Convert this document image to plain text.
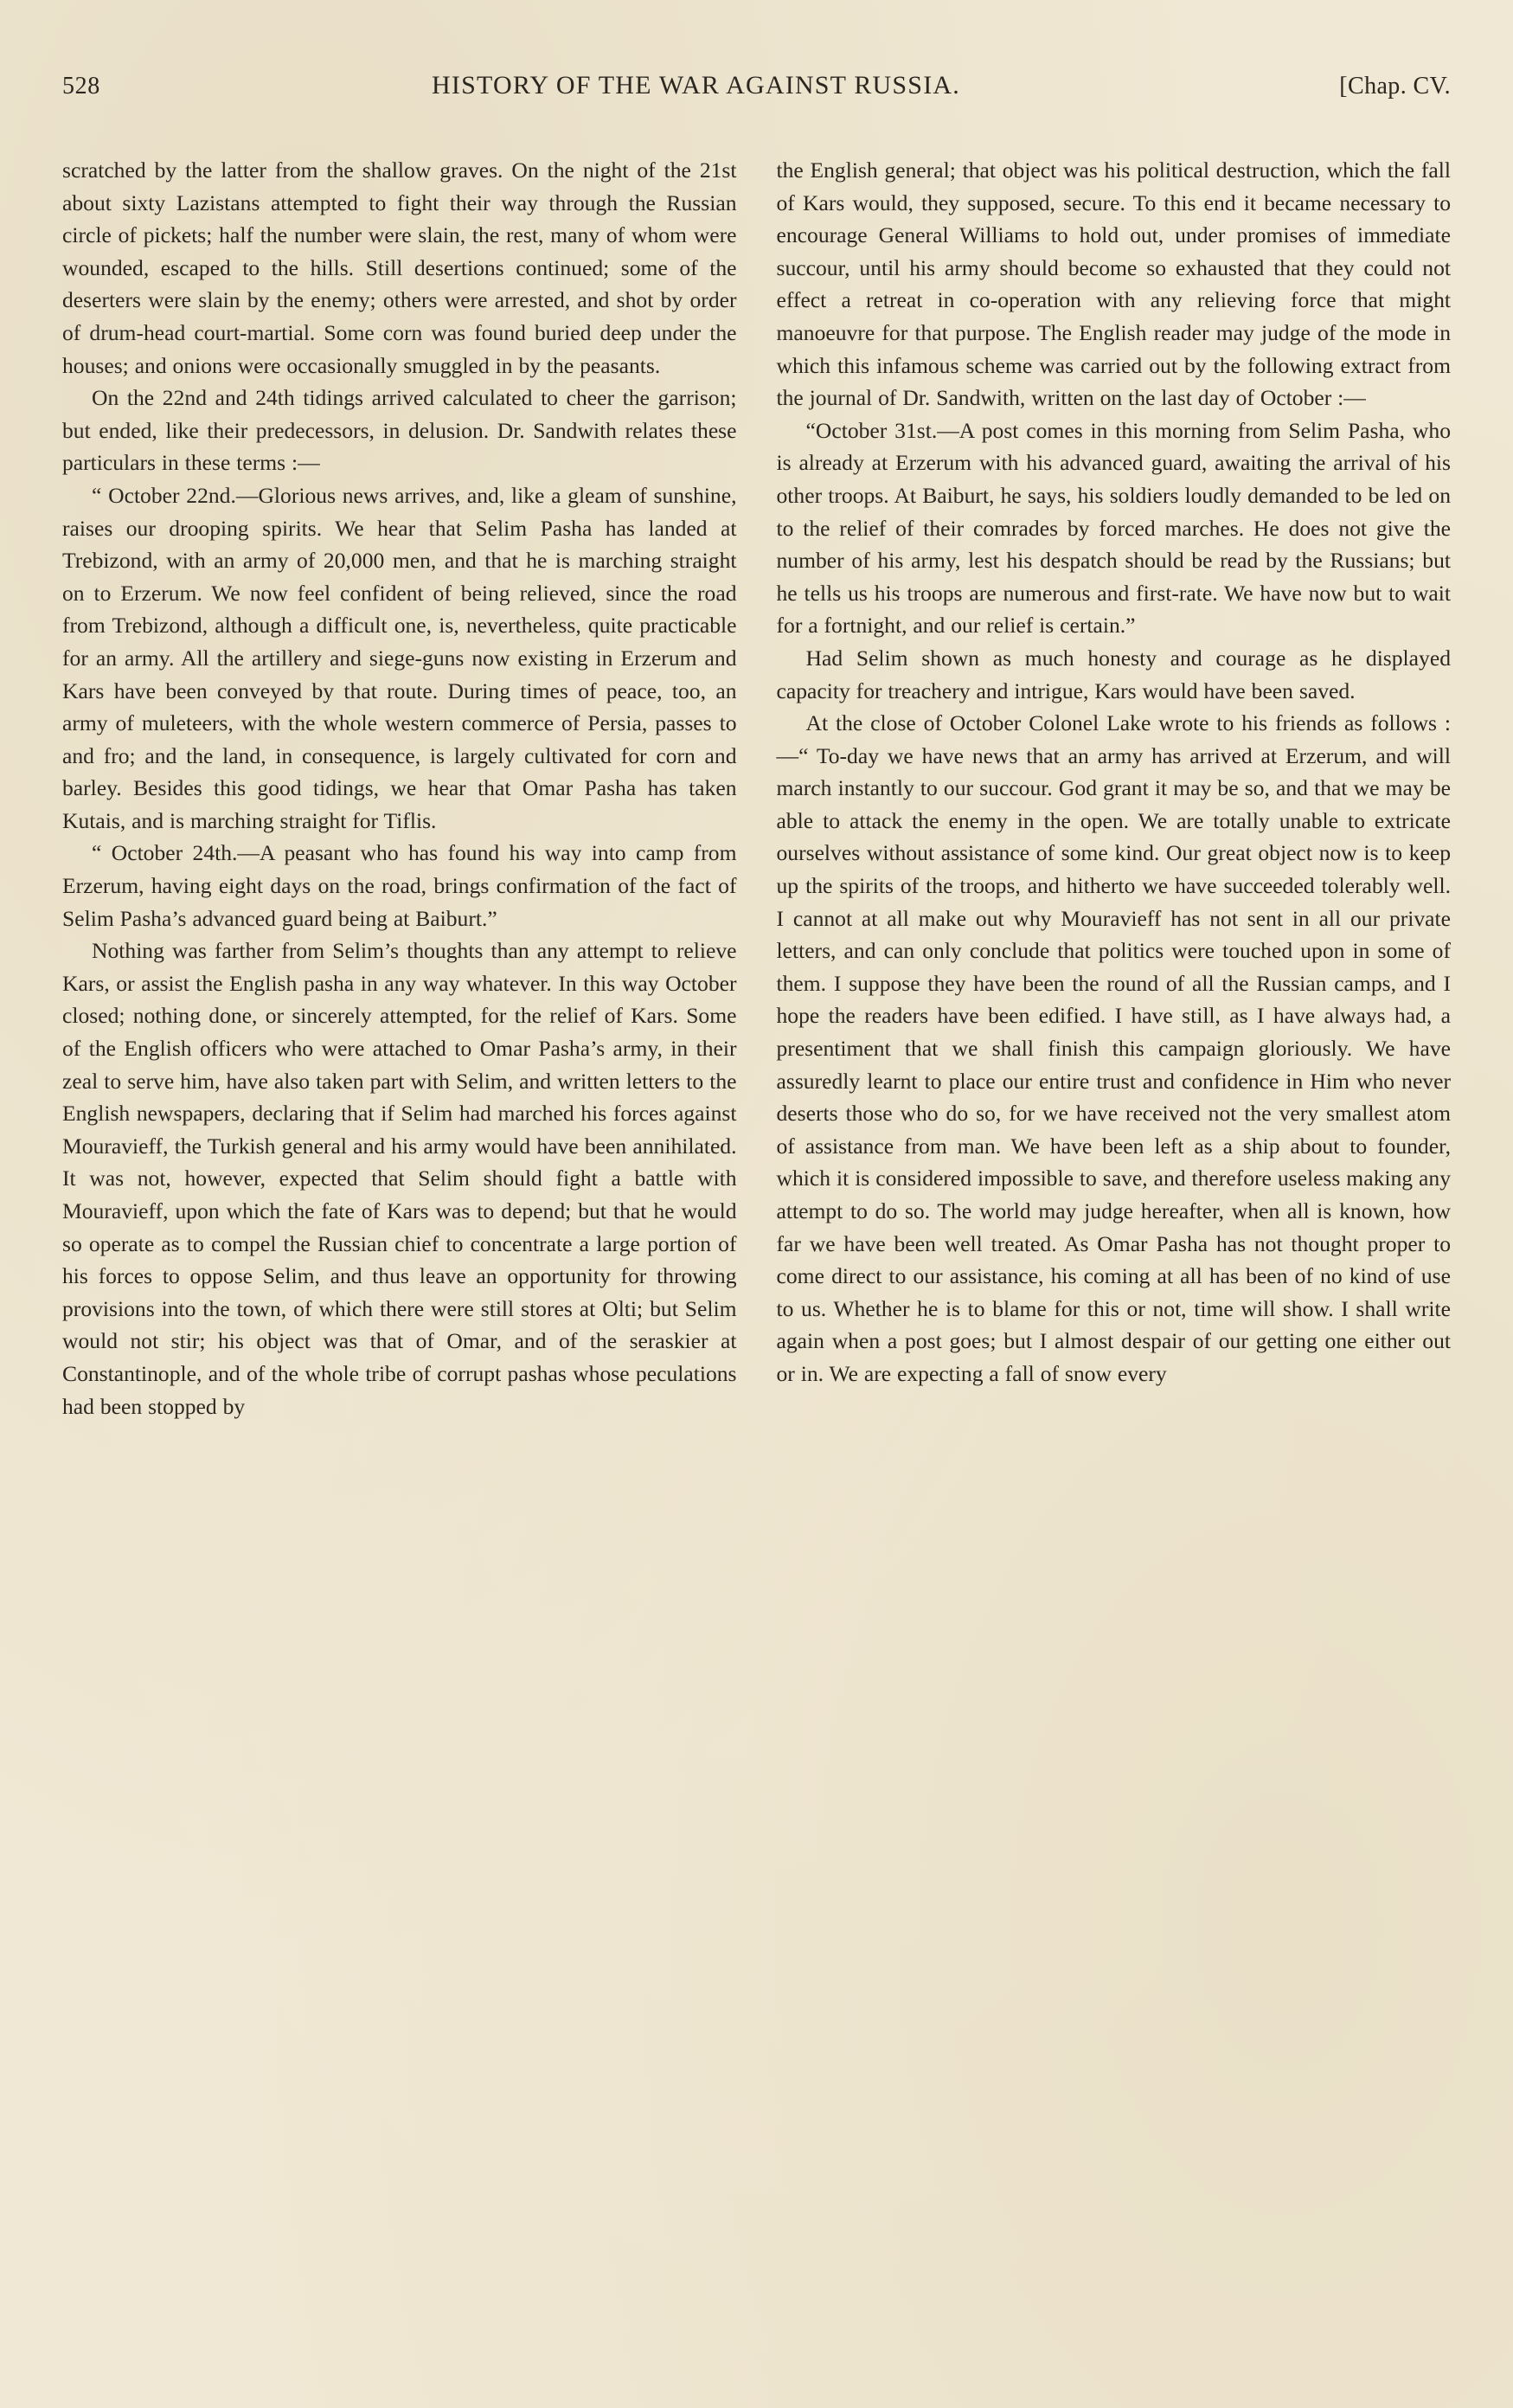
528	HISTORY OF THE WAR AGAINST RUSSIA.	[Chap. CV.

scratched by the latter from the shallow graves. On the night of the 21st about sixty Lazistans attempted to fight their way through the Russian circle of pickets; half the number were slain, the rest, many of whom were wounded, escaped to the hills. Still desertions continued; some of the deserters were slain by the enemy; others were arrested, and shot by order of drum-head court-martial. Some corn was found buried deep under the houses; and onions were occasionally smuggled in by the peasants.

On the 22nd and 24th tidings arrived calculated to cheer the garrison; but ended, like their predecessors, in delusion. Dr. Sandwith relates these particulars in these terms :—

“ October 22nd.—Glorious news arrives, and, like a gleam of sunshine, raises our drooping spirits. We hear that Selim Pasha has landed at Trebizond, with an army of 20,000 men, and that he is marching straight on to Erzerum. We now feel confident of being relieved, since the road from Trebizond, although a difficult one, is, nevertheless, quite practicable for an army. All the artillery and siege-guns now existing in Erzerum and Kars have been conveyed by that route. During times of peace, too, an army of muleteers, with the whole western commerce of Persia, passes to and fro; and the land, in consequence, is largely cultivated for corn and barley. Besides this good tidings, we hear that Omar Pasha has taken Kutais, and is marching straight for Tiflis.

“ October 24th.—A peasant who has found his way into camp from Erzerum, having eight days on the road, brings confirmation of the fact of Selim Pasha’s advanced guard being at Baiburt.”

Nothing was farther from Selim’s thoughts than any attempt to relieve Kars, or assist the English pasha in any way whatever. In this way October closed; nothing done, or sincerely attempted, for the relief of Kars. Some of the English officers who were attached to Omar Pasha’s army, in their zeal to serve him, have also taken part with Selim, and written letters to the English newspapers, declaring that if Selim had marched his forces against Mouravieff, the Turkish general and his army would have been annihilated. It was not, however, expected that Selim should fight a battle with Mouravieff, upon which the fate of Kars was to depend; but that he would so operate as to compel the Russian chief to concentrate a large portion of his forces to oppose Selim, and thus leave an opportunity for throwing provisions into the town, of which there were still stores at Olti; but Selim would not stir; his object was that of Omar, and of the seraskier at Constantinople, and of the whole tribe of corrupt pashas whose peculations had been stopped by

the English general; that object was his political destruction, which the fall of Kars would, they supposed, secure. To this end it became necessary to encourage General Williams to hold out, under promises of immediate succour, until his army should become so exhausted that they could not effect a retreat in co-operation with any relieving force that might manoeuvre for that purpose. The English reader may judge of the mode in which this infamous scheme was carried out by the following extract from the journal of Dr. Sandwith, written on the last day of October :—

“October 31st.—A post comes in this morning from Selim Pasha, who is already at Erzerum with his advanced guard, awaiting the arrival of his other troops. At Baiburt, he says, his soldiers loudly demanded to be led on to the relief of their comrades by forced marches. He does not give the number of his army, lest his despatch should be read by the Russians; but he tells us his troops are numerous and first-rate. We have now but to wait for a fortnight, and our relief is certain.”

Had Selim shown as much honesty and courage as he displayed capacity for treachery and intrigue, Kars would have been saved.

At the close of October Colonel Lake wrote to his friends as follows :—“ To-day we have news that an army has arrived at Erzerum, and will march instantly to our succour. God grant it may be so, and that we may be able to attack the enemy in the open. We are totally unable to extricate ourselves without assistance of some kind. Our great object now is to keep up the spirits of the troops, and hitherto we have succeeded tolerably well. I cannot at all make out why Mouravieff has not sent in all our private letters, and can only conclude that politics were touched upon in some of them. I suppose they have been the round of all the Russian camps, and I hope the readers have been edified. I have still, as I have always had, a presentiment that we shall finish this campaign gloriously. We have assuredly learnt to place our entire trust and confidence in Him who never deserts those who do so, for we have received not the very smallest atom of assistance from man. We have been left as a ship about to founder, which it is considered impossible to save, and therefore useless making any attempt to do so. The world may judge hereafter, when all is known, how far we have been well treated. As Omar Pasha has not thought proper to come direct to our assistance, his coming at all has been of no kind of use to us. Whether he is to blame for this or not, time will show. I shall write again when a post goes; but I almost despair of our getting one either out or in. We are expecting a fall of snow every
